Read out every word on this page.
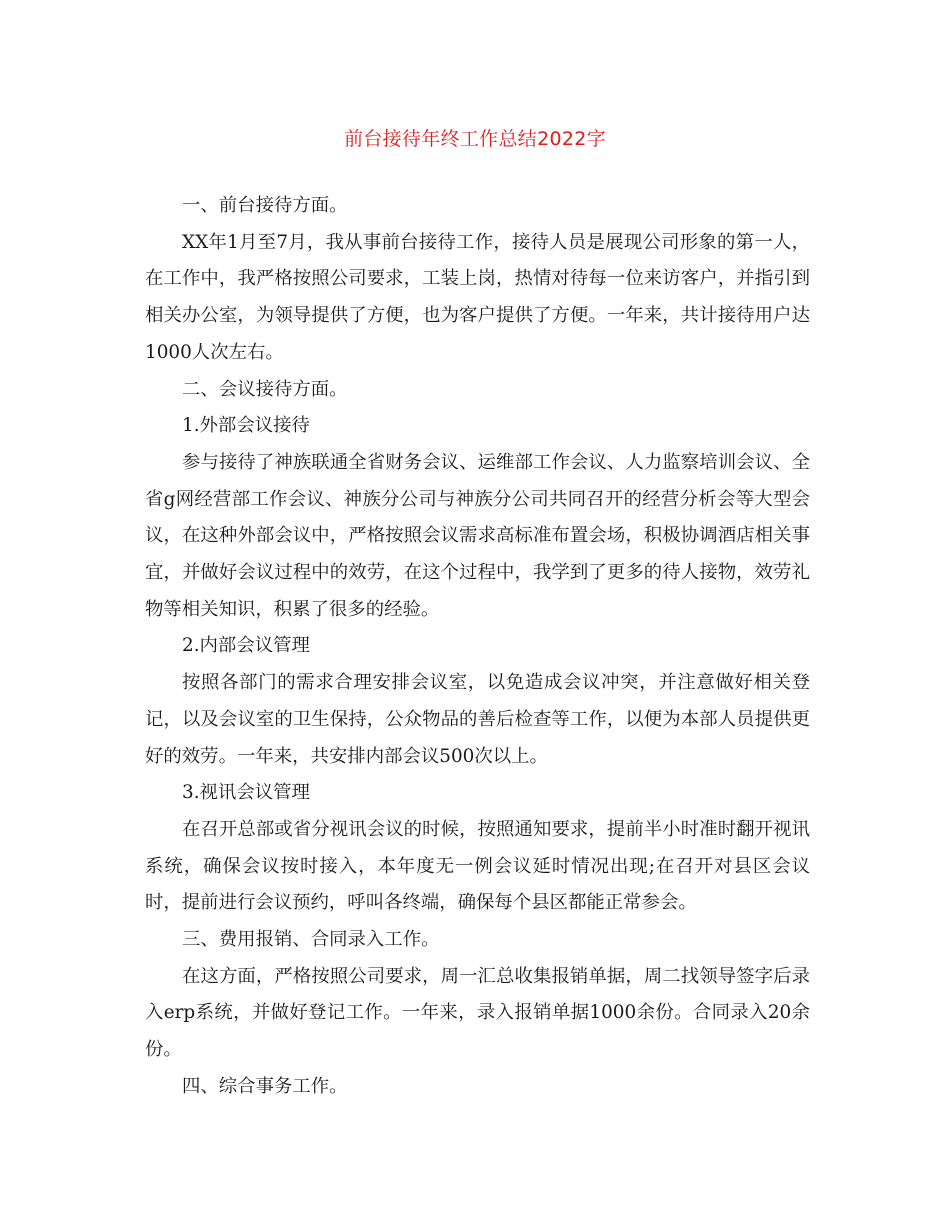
前台接待年终工作总结2022字

一、前台接待方面。

XX年1月至7月，我从事前台接待工作，接待人员是展现公司形象的第一人，在工作中，我严格按照公司要求，工装上岗，热情对待每一位来访客户，并指引到相关办公室，为领导提供了方便，也为客户提供了方便。一年来，共计接待用户达1000人次左右。

二、会议接待方面。

1.外部会议接待

参与接待了神族联通全省财务会议、运维部工作会议、人力监察培训会议、全省g网经营部工作会议、神族分公司与神族分公司共同召开的经营分析会等大型会议，在这种外部会议中，严格按照会议需求高标准布置会场，积极协调酒店相关事宜，并做好会议过程中的效劳，在这个过程中，我学到了更多的待人接物，效劳礼物等相关知识，积累了很多的经验。

2.内部会议管理

按照各部门的需求合理安排会议室，以免造成会议冲突，并注意做好相关登记，以及会议室的卫生保持，公众物品的善后检查等工作，以便为本部人员提供更好的效劳。一年来，共安排内部会议500次以上。

3.视讯会议管理

在召开总部或省分视讯会议的时候，按照通知要求，提前半小时准时翻开视讯系统，确保会议按时接入，本年度无一例会议延时情况出现;在召开对县区会议时，提前进行会议预约，呼叫各终端，确保每个县区都能正常参会。

三、费用报销、合同录入工作。

在这方面，严格按照公司要求，周一汇总收集报销单据，周二找领导签字后录入erp系统，并做好登记工作。一年来，录入报销单据1000余份。合同录入20余份。

四、综合事务工作。
